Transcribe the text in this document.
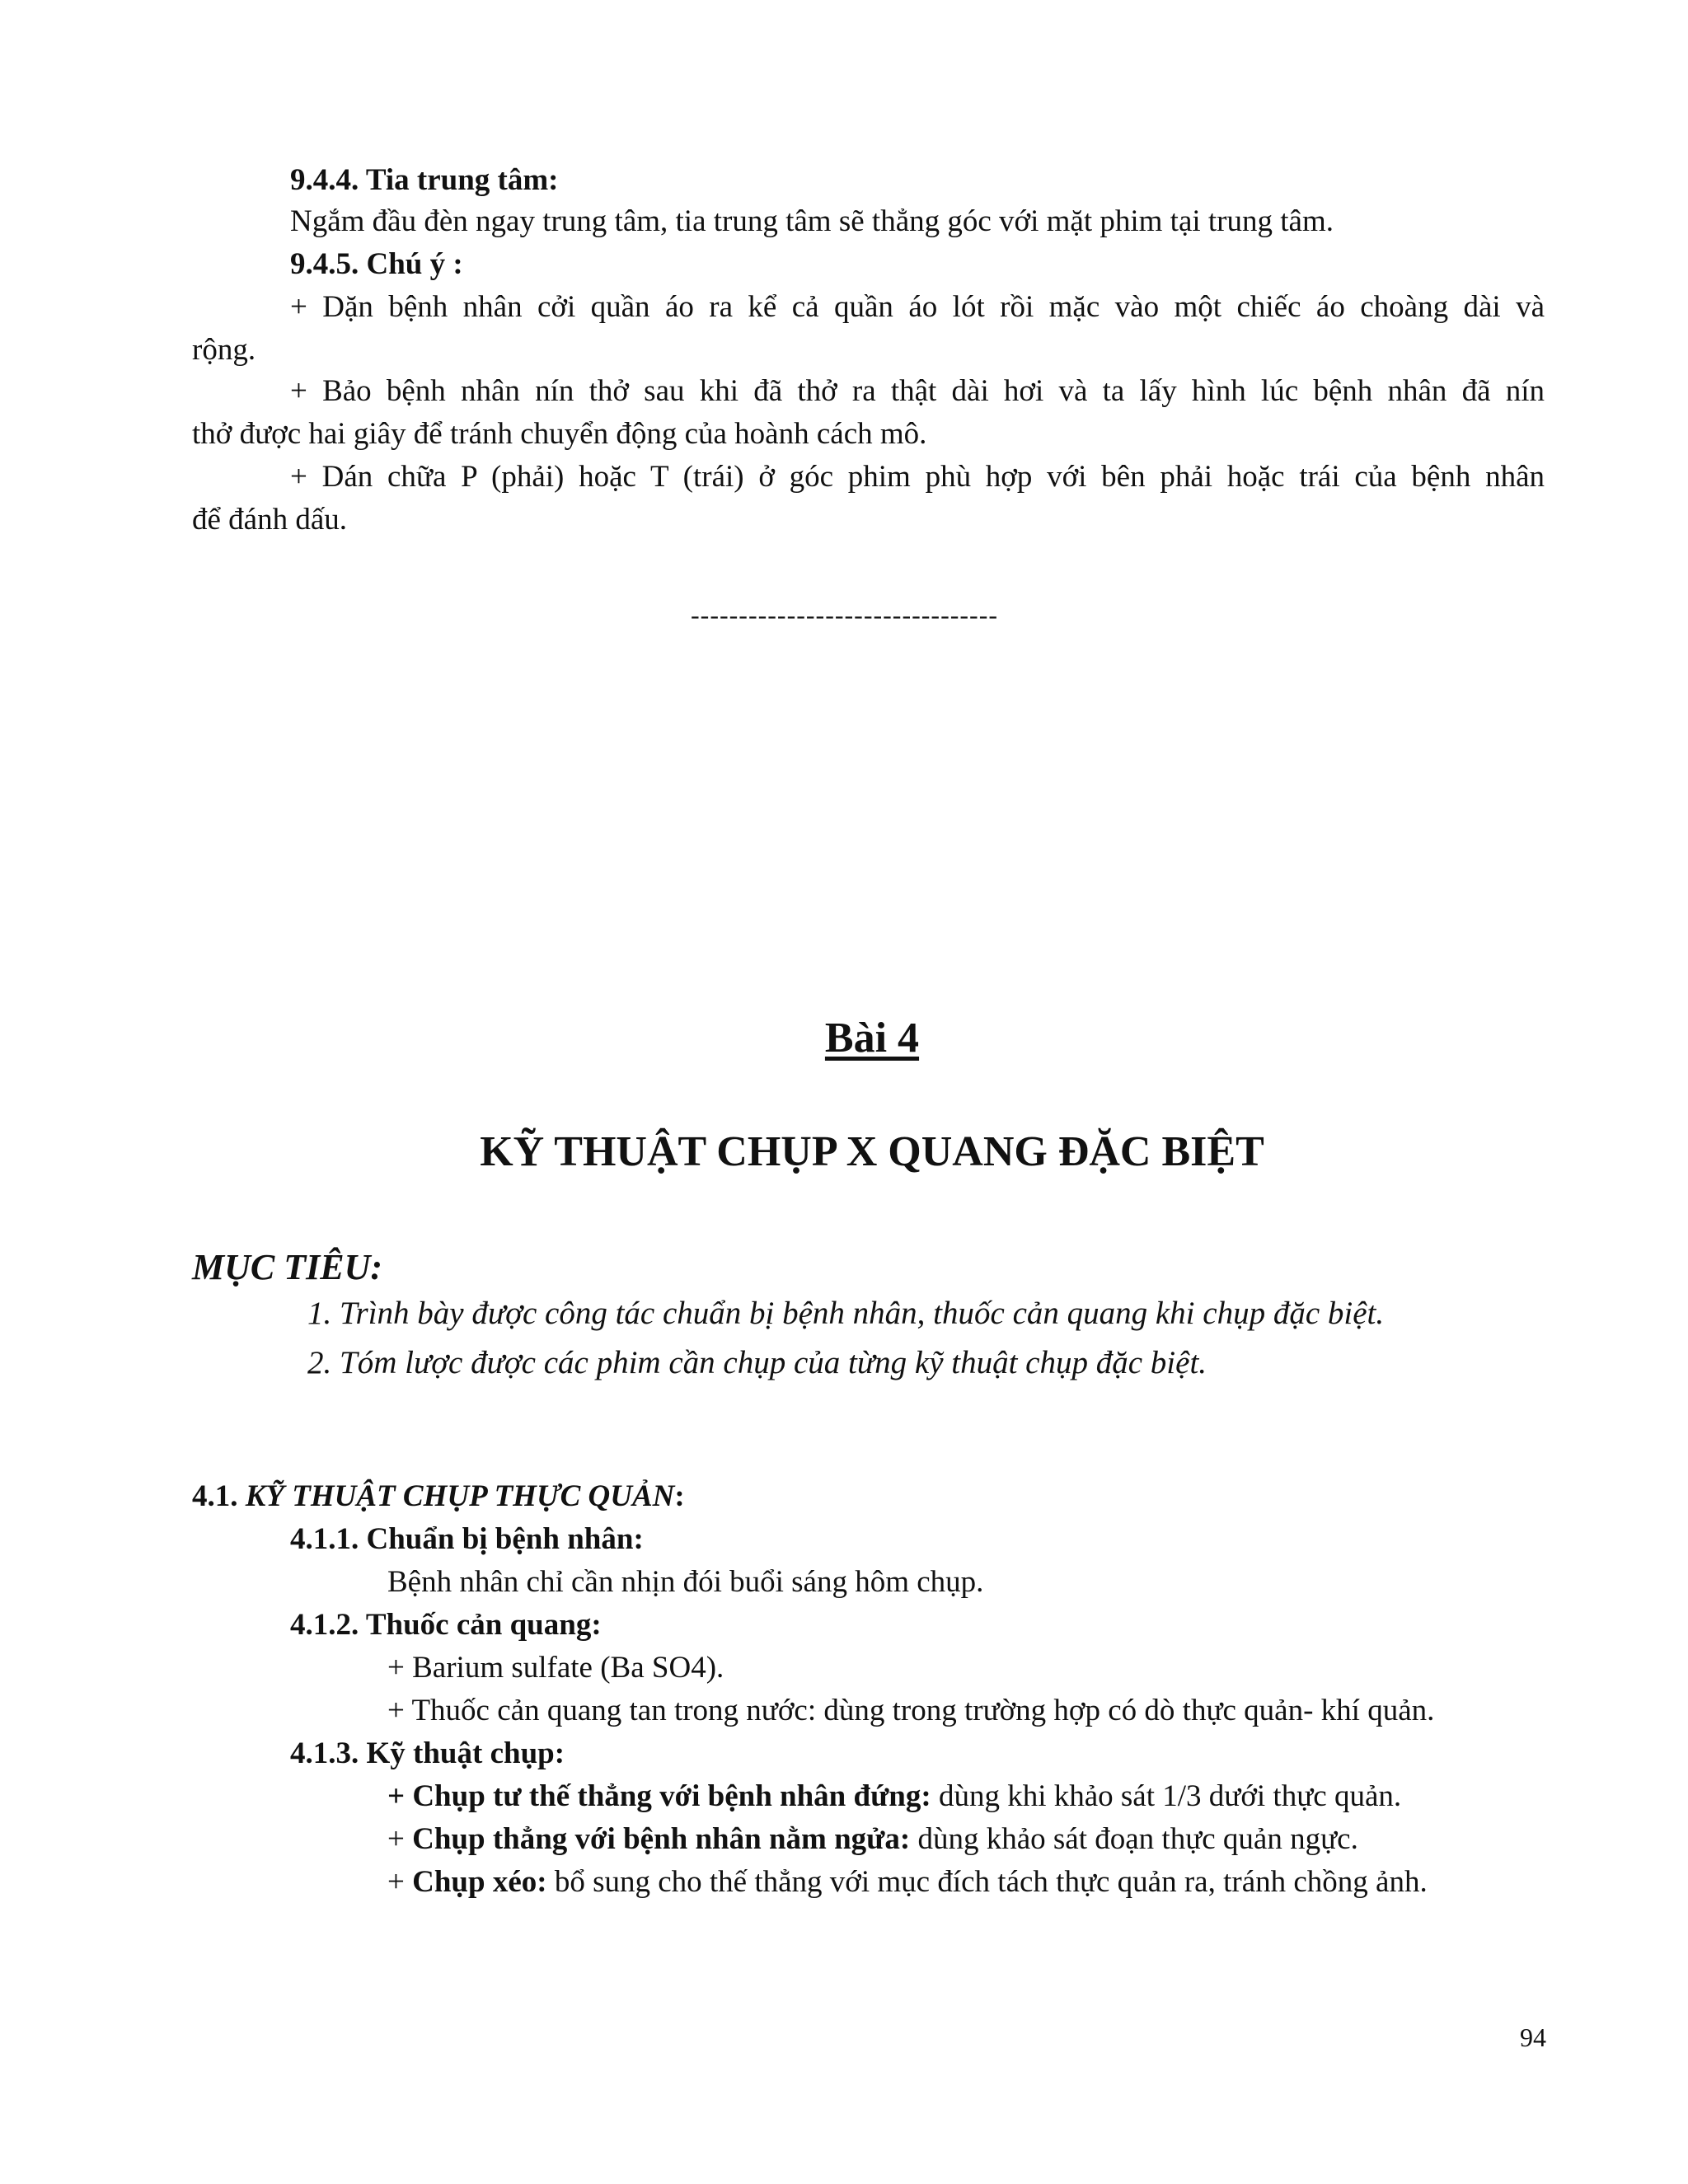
9.4.4. Tia trung tâm:
Ngắm đầu đèn ngay trung tâm, tia trung tâm sẽ thẳng góc với mặt phim tại trung tâm.
9.4.5. Chú ý :
+ Dặn bệnh nhân cởi quần áo ra kể cả quần áo lót rồi mặc vào một chiếc áo choàng dài và
rộng.
+ Bảo bệnh nhân nín thở sau khi đã thở ra thật dài hơi và ta lấy hình lúc bệnh nhân đã nín
thở được hai giây để tránh chuyển động của hoành cách mô.
+ Dán chữa P (phải) hoặc T (trái) ở góc phim phù hợp với bên phải hoặc trái của bệnh nhân
để đánh dấu.
--------------------------------
Bài 4
KỸ THUẬT CHỤP X QUANG ĐẶC BIỆT
MỤC TIÊU:
1. Trình bày được công tác chuẩn bị bệnh nhân, thuốc cản quang khi chụp đặc biệt.
2. Tóm lược được các phim cần chụp của từng kỹ thuật chụp đặc biệt.
4.1. KỸ THUẬT CHỤP THỰC QUẢN:
4.1.1. Chuẩn bị bệnh nhân:
Bệnh nhân chỉ cần nhịn đói buổi sáng hôm chụp.
4.1.2. Thuốc cản quang:
+ Barium sulfate (Ba SO4).
+ Thuốc cản quang tan trong nước: dùng trong trường hợp có dò thực quản- khí quản.
4.1.3. Kỹ thuật chụp:
+ Chụp tư thế thẳng với bệnh nhân đứng: dùng khi khảo sát 1/3 dưới thực quản.
+ Chụp thẳng với bệnh nhân nằm ngửa: dùng khảo sát đoạn thực quản ngực.
+ Chụp xéo: bổ sung cho thế thẳng với mục đích tách thực quản ra, tránh chồng ảnh.
94
